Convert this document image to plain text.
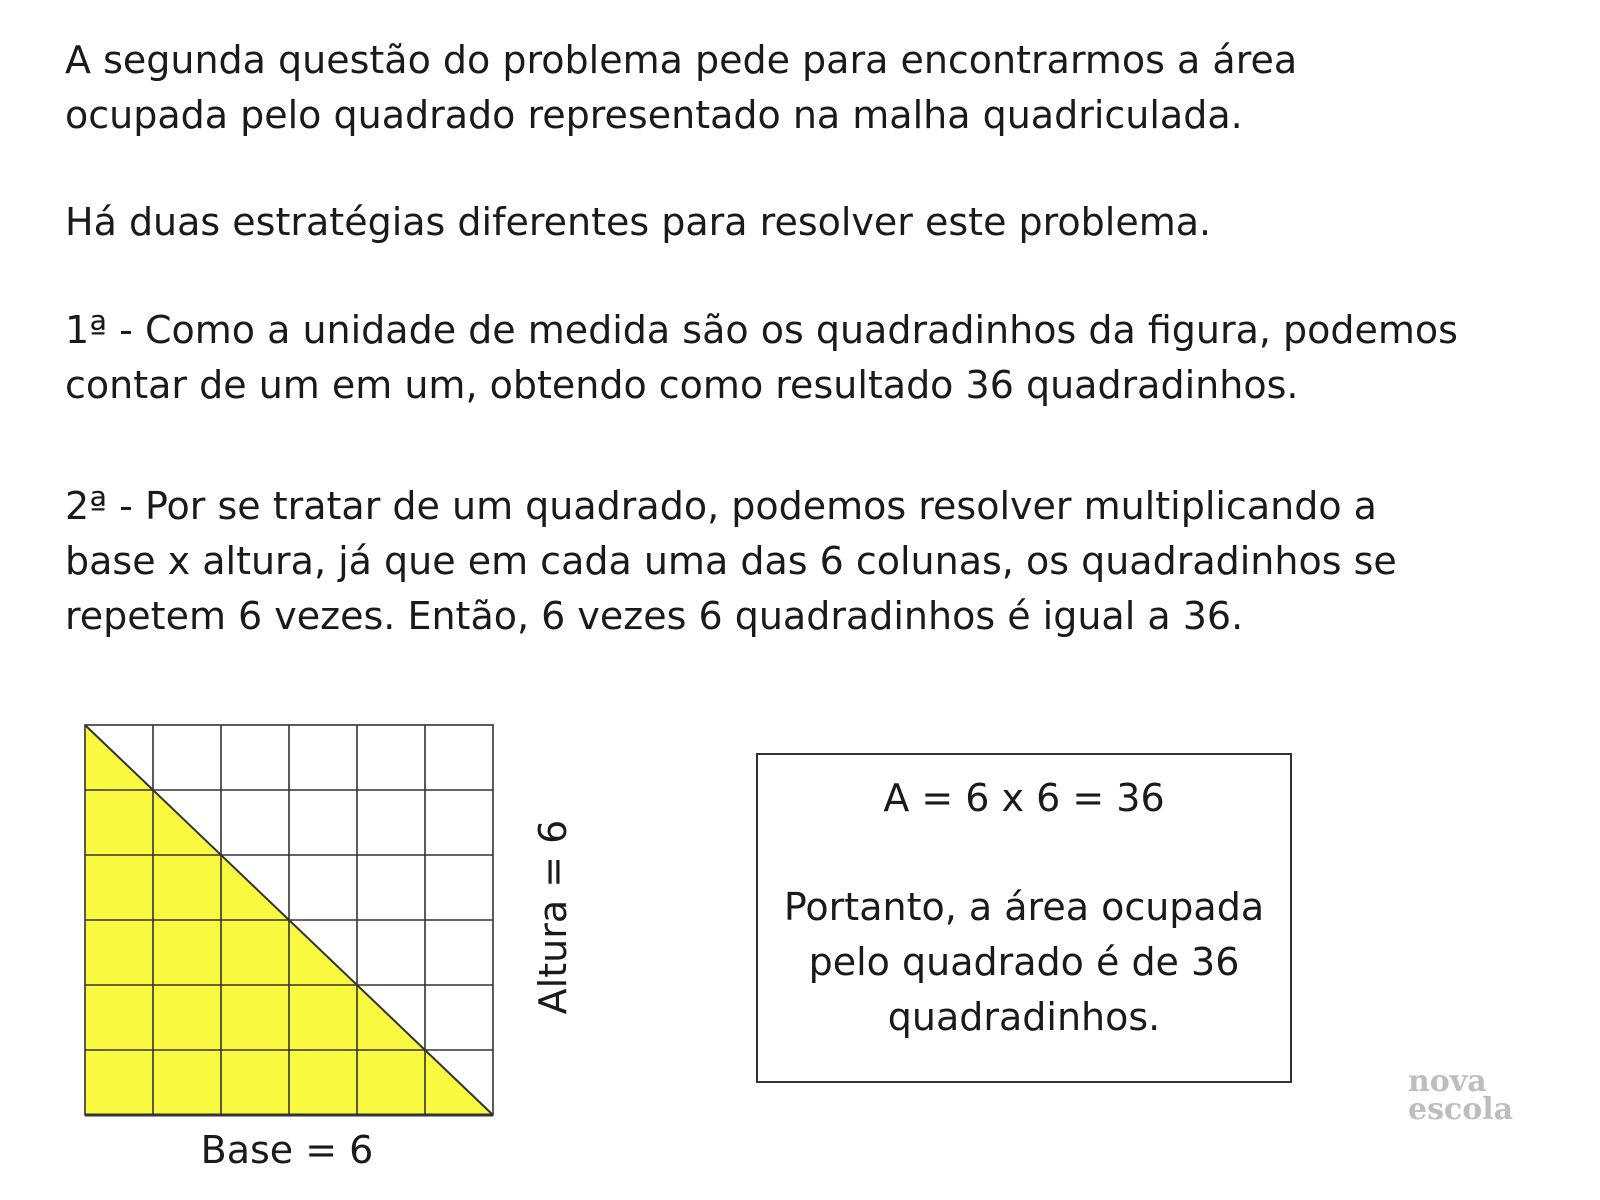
A segunda questão do problema pede para encontrarmos a área
ocupada pelo quadrado representado na malha quadriculada.

Há duas estratégias diferentes para resolver este problema.

1ª - Como a unidade de medida são os quadradinhos da figura, podemos
contar de um em um, obtendo como resultado 36 quadradinhos.

2ª - Por se tratar de um quadrado, podemos resolver multiplicando a
base x altura, já que em cada uma das 6 colunas, os quadradinhos se
repetem 6 vezes. Então, 6 vezes 6 quadradinhos é igual a 36.

Base = 6
Altura = 6
A = 6 x 6 = 36
Portanto, a área ocupada pelo quadrado é de 36 quadradinhos.
nova
escola
